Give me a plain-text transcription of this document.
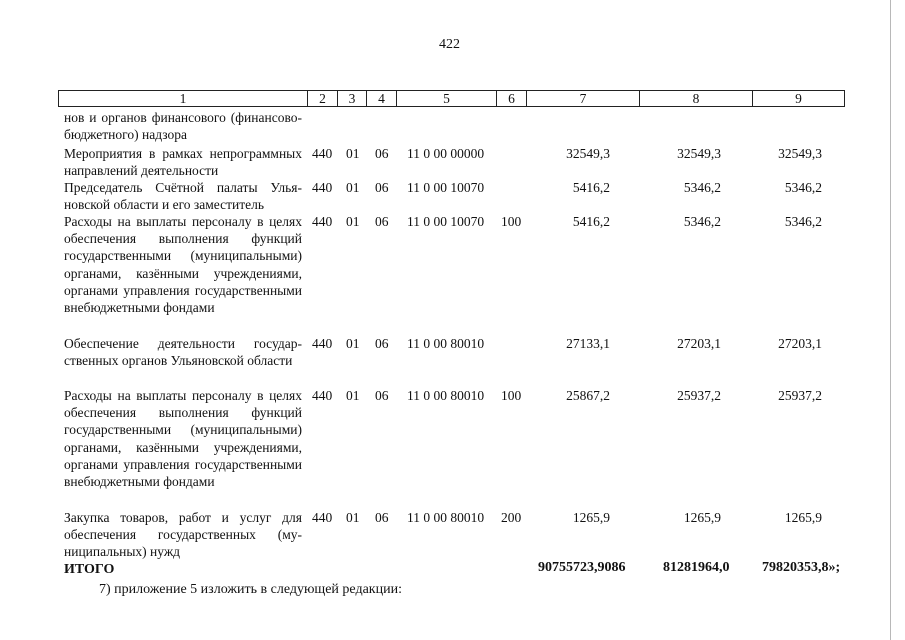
422
1	2	3	4	5	6	7	8	9
нов и органов финансового (финансово-бюджетного) надзора
Мероприятия в рамках непрограммных направлений деятельности
440 01 06 11 0 00 00000	32549,3	32549,3	32549,3
Председатель Счётной палаты Ульяновской области и его заместитель
440 01 06 11 0 00 10070	5416,2	5346,2	5346,2
Расходы на выплаты персоналу в целях обеспечения выполнения функций государственными (муниципальными) органами, казёнными учреждениями, органами управления государственными внебюджетными фондами
440 01 06 11 0 00 10070 100	5416,2	5346,2	5346,2
Обеспечение деятельности государственных органов Ульяновской области
440 01 06 11 0 00 80010	27133,1	27203,1	27203,1
Расходы на выплаты персоналу в целях обеспечения выполнения функций государственными (муниципальными) органами, казёнными учреждениями, органами управления государственными внебюджетными фондами
440 01 06 11 0 00 80010 100	25867,2	25937,2	25937,2
Закупка товаров, работ и услуг для обеспечения государственных (муниципальных) нужд
440 01 06 11 0 00 80010 200	1265,9	1265,9	1265,9
ИТОГО	90755723,9086	81281964,0 79820353,8»;
7) приложение 5 изложить в следующей редакции:
